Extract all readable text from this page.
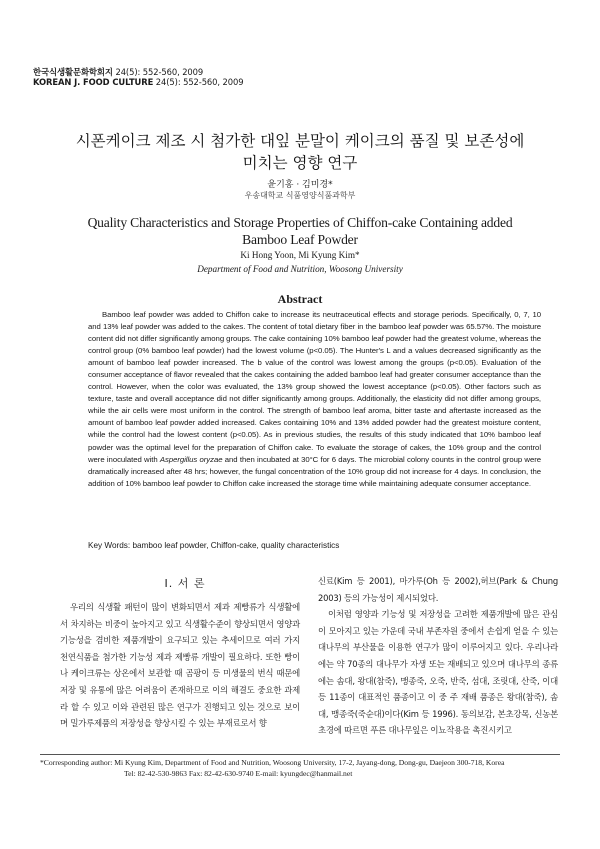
한국식생활문화학회지 24(5): 552-560, 2009
KOREAN J. FOOD CULTURE 24(5): 552-560, 2009
시폰케이크 제조 시 첨가한 대잎 분말이 케이크의 품질 및 보존성에
미치는 영향 연구
윤기홍 · 김미경*
우송대학교 식품영양식품과학부
Quality Characteristics and Storage Properties of Chiffon-cake Containing added
Bamboo Leaf Powder
Ki Hong Yoon, Mi Kyung Kim*
Department of Food and Nutrition, Woosong University
Abstract

Bamboo leaf powder was added to Chiffon cake to increase its neutraceutical effects and storage periods. Specifically, 0, 7, 10 and 13% leaf powder was added to the cakes. The content of total dietary fiber in the bamboo leaf powder was 65.57%. The moisture content did not differ significantly among groups. The cake containing 10% bamboo leaf powder had the greatest volume, whereas the control group (0% bamboo leaf powder) had the lowest volume (p<0.05). The Hunter's L and a values decreased significantly as the amount of bamboo leaf powder increased. The b value of the control was lowest among the groups (p<0.05). Evaluation of the consumer acceptance of flavor revealed that the cakes containing the added bamboo leaf had greater consumer acceptance than the control. However, when the color was evaluated, the 13% group showed the lowest acceptance (p<0.05). Other factors such as texture, taste and overall acceptance did not differ significantly among groups. Additionally, the elasticity did not differ among groups, while the air cells were most uniform in the control. The strength of bamboo leaf aroma, bitter taste and aftertaste increased as the amount of bamboo leaf powder added increased. Cakes containing 10% and 13% added powder had the greatest moisture content, while the control had the lowest content (p<0.05). As in previous studies, the results of this study indicated that 10% bamboo leaf powder was the optimal level for the preparation of Chiffon cake. To evaluate the storage of cakes, the 10% group and the control were inoculated with Aspergillus oryzae and then incubated at 30°C for 6 days. The microbial colony counts in the control group were dramatically increased after 48 hrs; however, the fungal concentration of the 10% group did not increase for 4 days. In conclusion, the addition of 10% bamboo leaf powder to Chiffon cake increased the storage time while maintaining adequate consumer acceptance.

Key Words: bamboo leaf powder, Chiffon-cake, quality characteristics
Ⅰ. 서 론

우리의 식생활 패턴이 많이 변화되면서 제과 제빵류가 식생활에서 차지하는 비중이 높아지고 있고 식생활수준이 향상되면서 영양과 기능성을 겸비한 제품개발이 요구되고 있는 추세이므로 여러 가지 천연식품을 첨가한 기능성 제과 제빵류 개발이 필요하다. 또한 빵이나 케이크류는 상온에서 보관할 때 곰팡이 등 미생물의 번식 때문에 저장 및 유통에 많은 어려움이 존재하므로 이의 해결도 중요한 과제라 할 수 있고 이와 관련된 많은 연구가 진행되고 있는 것으로 보이며 밀가루제품의 저장성을 향상시킬 수 있는 부재료로서 향

신료(Kim 등 2001), 마가루(Oh 등 2002),허브(Park & Chung 2003) 등의 가능성이 제시되었다.

이처럼 영양과 기능성 및 저장성을 고려한 제품개발에 많은 관심이 모아지고 있는 가운데 국내 부존자원 중에서 손쉽게 얻을 수 있는 대나무의 부산물을 이용한 연구가 많이 이루어지고 있다. 우리나라에는 약 70종의 대나무가 자생 또는 재배되고 있으며 대나무의 종류에는 솜대, 왕대(참죽), 맹종죽, 오죽, 반죽, 섬대, 조릿대, 산죽, 이대 등 11종이 대표적인 품종이고 이 중 주 재배 품종은 왕대(참죽), 솜대, 맹종죽(죽순대)이다(Kim 등 1996). 동의보감, 본초강목, 신농본초경에 따르면 푸른 대나무잎은 이뇨작용을 촉진시키고

*Corresponding author: Mi Kyung Kim, Department of Food and Nutrition, Woosong University, 17-2, Jayang-dong, Dong-gu, Daejeon 300-718, Korea
Tel: 82-42-530-9863 Fax: 82-42-630-9740 E-mail: kyungdec@hanmail.net
